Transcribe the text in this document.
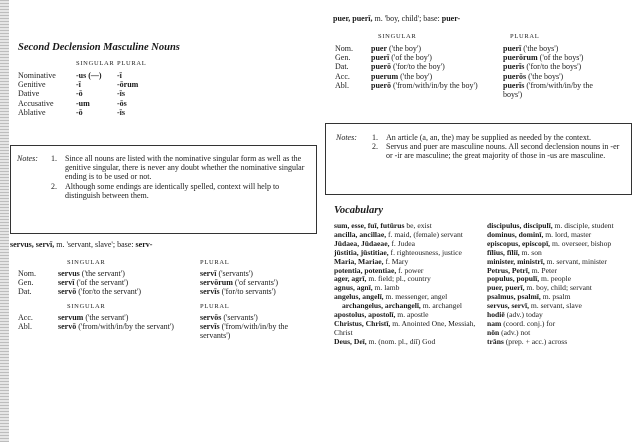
Second Declension Masculine Nouns
SINGULAR PLURAL
Nominative	-us (—)	-ī
Genitive	-ī	-ōrum
Dative	-ō	-īs
Accusative	-um	-ōs
Ablative	-ō	-īs
Notes: 1. Since all nouns are listed with the nominative singular form as well as the genitive singular, there is never any doubt whether the nominative singular ending is to be used or not.
2. Although some endings are identically spelled, context will help to distinguish between them.
servus, servī, m. 'servant, slave'; base: serv-
SINGULAR	PLURAL
Nom.	servus ('the servant')	servī ('servants')
Gen.	servī ('of the servant')	servōrum ('of servants')
Dat.	servō ('for/to the servant')	servīs ('for/to servants')
SINGULAR	PLURAL
Acc.	servum ('the servant')	servōs ('servants')
Abl.	servō ('from/with/in/by the servant')	servīs ('from/with/in/by the servants')
puer, puerī, m. 'boy, child'; base: puer-
SINGULAR	PLURAL
Nom.	puer ('the boy')	puerī ('the boys')
Gen.	puerī ('of the boy')	puerōrum ('of the boys')
Dat.	puerō ('for/to the boy')	puerīs ('for/to the boys')
Acc.	puerum ('the boy')	puerōs ('the boys')
Abl.	puerō ('from/with/in/by the boy')	puerīs ('from/with/in/by the boys')
Notes: 1. An article (a, an, the) may be supplied as needed by the context.
2. Servus and puer are masculine nouns. All second declension nouns in -er or -ir are masculine; the great majority of those in -us are masculine.
Vocabulary
sum, esse, fuī, futūrus be, exist
ancilla, ancillae, f. maid, (female) servant
Jūdaea, Jūdaeae, f. Judea
jūstitia, jūstitiae, f. righteousness, justice
Maria, Mariae, f. Mary
potentia, potentiae, f. power
ager, agrī, m. field; pl., country
agnus, agnī, m. lamb
angelus, angelī, m. messenger, angel
archangelus, archangelī, m. archangel
apostolus, apostolī, m. apostle
Christus, Christī, m. Anointed One, Messiah, Christ
Deus, Deī, m. (nom. pl., diī) God
discipulus, discipulī, m. disciple, student
dominus, dominī, m. lord, master
episcopus, episcopī, m. overseer, bishop
fīlius, fīliī, m. son
minister, ministrī, m. servant, minister
Petrus, Petrī, m. Peter
populus, populī, m. people
puer, puerī, m. boy, child; servant
psalmus, psalmī, m. psalm
servus, servī, m. servant, slave
hodiē (adv.) today
nam (coord. conj.) for
nōn (adv.) not
trāns (prep. + acc.) across
